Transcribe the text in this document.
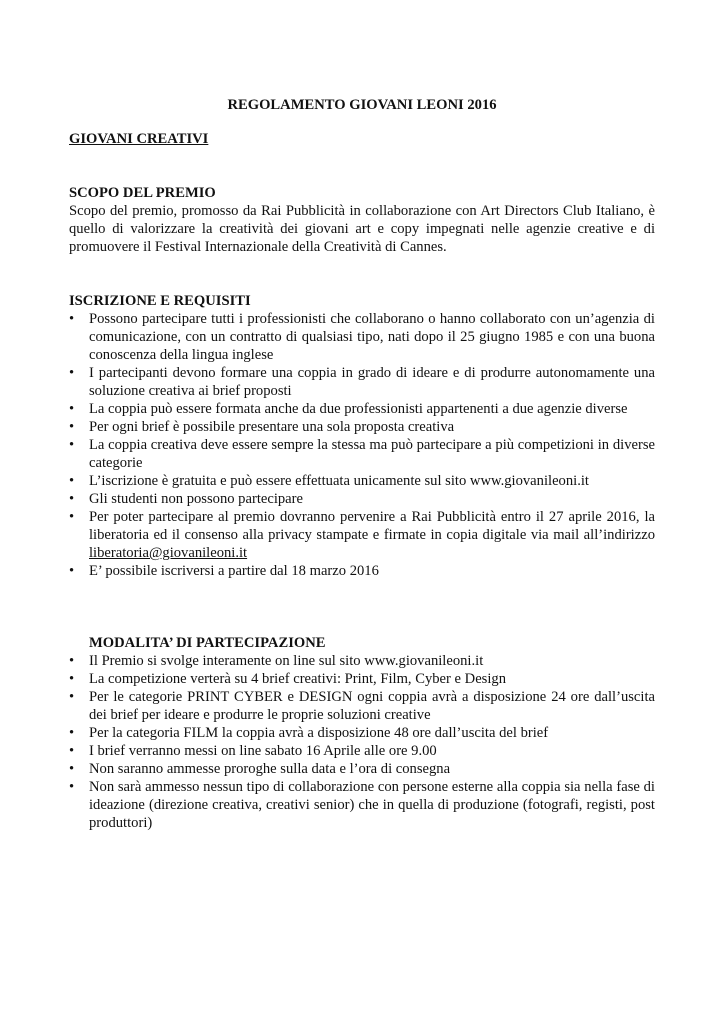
REGOLAMENTO GIOVANI LEONI 2016

GIOVANI CREATIVI

SCOPO DEL PREMIO

Scopo del premio, promosso da Rai Pubblicità in collaborazione con Art Directors Club Italiano, è quello di valorizzare la creatività dei giovani art e copy impegnati nelle agenzie creative e di promuovere il Festival Internazionale della Creatività di Cannes.

ISCRIZIONE E REQUISITI

•	Possono partecipare tutti i professionisti che collaborano o hanno collaborato con un’agenzia di comunicazione, con un contratto di qualsiasi tipo, nati dopo il 25 giugno 1985 e con una buona conoscenza della lingua inglese
•	I partecipanti devono formare una coppia in grado di ideare e di produrre autonomamente una soluzione creativa ai brief proposti
•	La coppia può essere formata anche da due professionisti appartenenti a due agenzie diverse
•	Per ogni brief è possibile presentare una sola proposta creativa
•	La coppia creativa deve essere sempre la stessa ma può partecipare a più competizioni in diverse categorie
•	L’iscrizione è gratuita e può essere effettuata unicamente sul sito www.giovanileoni.it
•	Gli studenti non possono partecipare
•	Per poter partecipare al premio dovranno pervenire a Rai Pubblicità entro il 27 aprile 2016, la liberatoria ed il consenso alla privacy stampate e firmate in copia digitale via mail all’indirizzo liberatoria@giovanileoni.it
•	E’ possibile iscriversi a partire dal 18 marzo 2016

MODALITA’ DI PARTECIPAZIONE

•	Il Premio si svolge interamente on line sul sito www.giovanileoni.it
•	La competizione verterà su 4 brief creativi: Print, Film, Cyber e Design
•	Per le categorie PRINT CYBER e DESIGN ogni coppia avrà a disposizione 24 ore dall’uscita dei brief per ideare e produrre le proprie soluzioni creative
•	Per la categoria FILM la coppia avrà a disposizione 48 ore dall’uscita del brief
•	I brief verranno messi on line sabato 16 Aprile alle ore 9.00
•	Non saranno ammesse proroghe sulla data e l’ora di consegna
•	Non sarà ammesso nessun tipo di collaborazione con persone esterne alla coppia sia nella fase di ideazione (direzione creativa, creativi senior) che in quella di produzione (fotografi, registi, post produttori)
